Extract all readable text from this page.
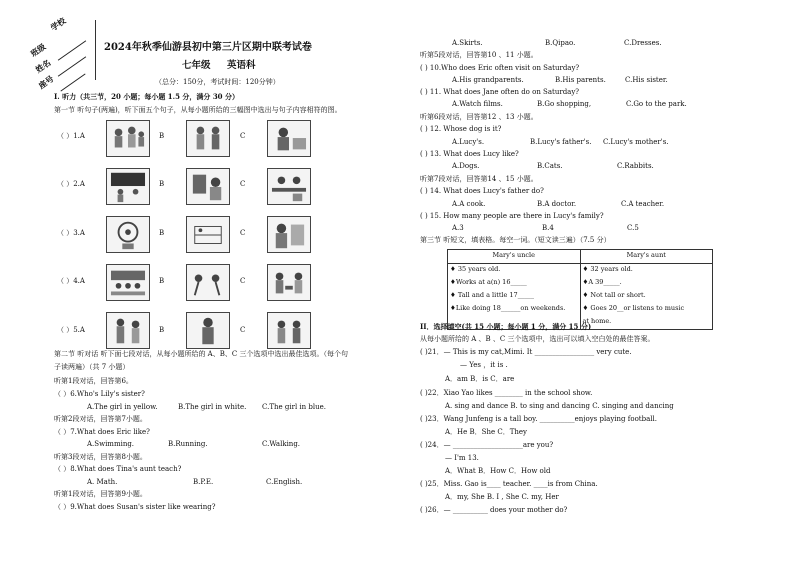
学校
班级
姓名
座号
2024年秋季仙游县初中第三片区期中联考试卷
七年级 英语科
（总分：150分，考试时间：120分钟）
I. 听力（共三节，20 小题；每小题 1.5 分，满分 30 分）
第一节 听句子(两遍)，听下面五个句子，从每小题所给的三幅图中选出与句子内容相符的图。
（ ）1.A	B	C
（ ）2.A	B	C
（ ）3.A	B	C
（ ）4.A	B	C
（ ）5.A	B	C
第二节 听对话 听下面七段对话，从每小题所给的 A、B、C 三个选项中选出最佳选项。（每个句
子读两遍）（共 7 小题）
听第1段对话，回答第6。
（ ）6.Who's Lily's sister?
A.The girl in yellow.	B.The girl in white. C.The girl in blue.
听第2段对话，回答第7小题。
（ ）7.What does Eric like?
A.Swimming.	B.Running.	C.Walking.
听第3段对话，回答第8小题。
（ ）8.What does Tina's aunt teach?
A. Math.	B.P.E.	C.English.
听第1段对话，回答第9小题。
（ ）9.What does Susan's sister like wearing?
A.Skirts.	B.Qipao.	C.Dresses.
听第5段对话，回答第10 、11 小题。
( ) 10.Who does Eric often visit on Saturday?
A.His grandparents.	B.His parents.	C.His sister.
( ) 11. What does Jane often do on Saturday?
A.Watch films.	B.Go shopping,	C.Go to the park.
听第6段对话，回答第12 、13 小题。
( ) 12. Whose dog is it?
A.Lucy's.	B.Lucy's father's. C.Lucy's mother's.
( ) 13. What does Lucy like?
A.Dogs.	B.Cats.	C.Rabbits.
听第7段对话，回答第14 、15 小题。
( ) 14. What does Lucy's father do?
A.A cook.	B.A doctor.	C.A teacher.
( ) 15. How many people are there in Lucy's family?
A.3	B.4	C.5
第三节 听短文，填表格。每空一词。（短文读三遍）（7.5 分）
Mary's uncle	Mary's aunt
♦ 35 years old.	♦ 32 years old.
♦Works at a(n) 16_____	♦A 39_____.
♦ Tall and a little 17_____	♦ Not tall or short.
♦Like doing 18______on weekends.	♦ Goes 20__or listens to music
	at home.
II．选择填空(共 15 小题；每小题 1 分，满分 15 分)
从每小题所给的 A 、B 、C 三个选项中，选出可以填入空白处的最佳答案。
( )21．— This is my cat,Mimi. It _________________ very cute.
— Yes ，it is .
A．am B．is C．are
( )22．Xiao Yao likes ________ in the school show.
A. sing and dance B. to sing and dancing C. singing and dancing
( )23．Wang Junfeng is a tall boy. __________enjoys playing football.
A．He B．She C．They
( )24．— ____________________are you?
— I'm 13.
A．What B．How C．How old
( )25．Miss. Gao is____ teacher. ____is from China.
A．my, She B. I , She C. my, Her
( )26．— __________ does your mother do?
